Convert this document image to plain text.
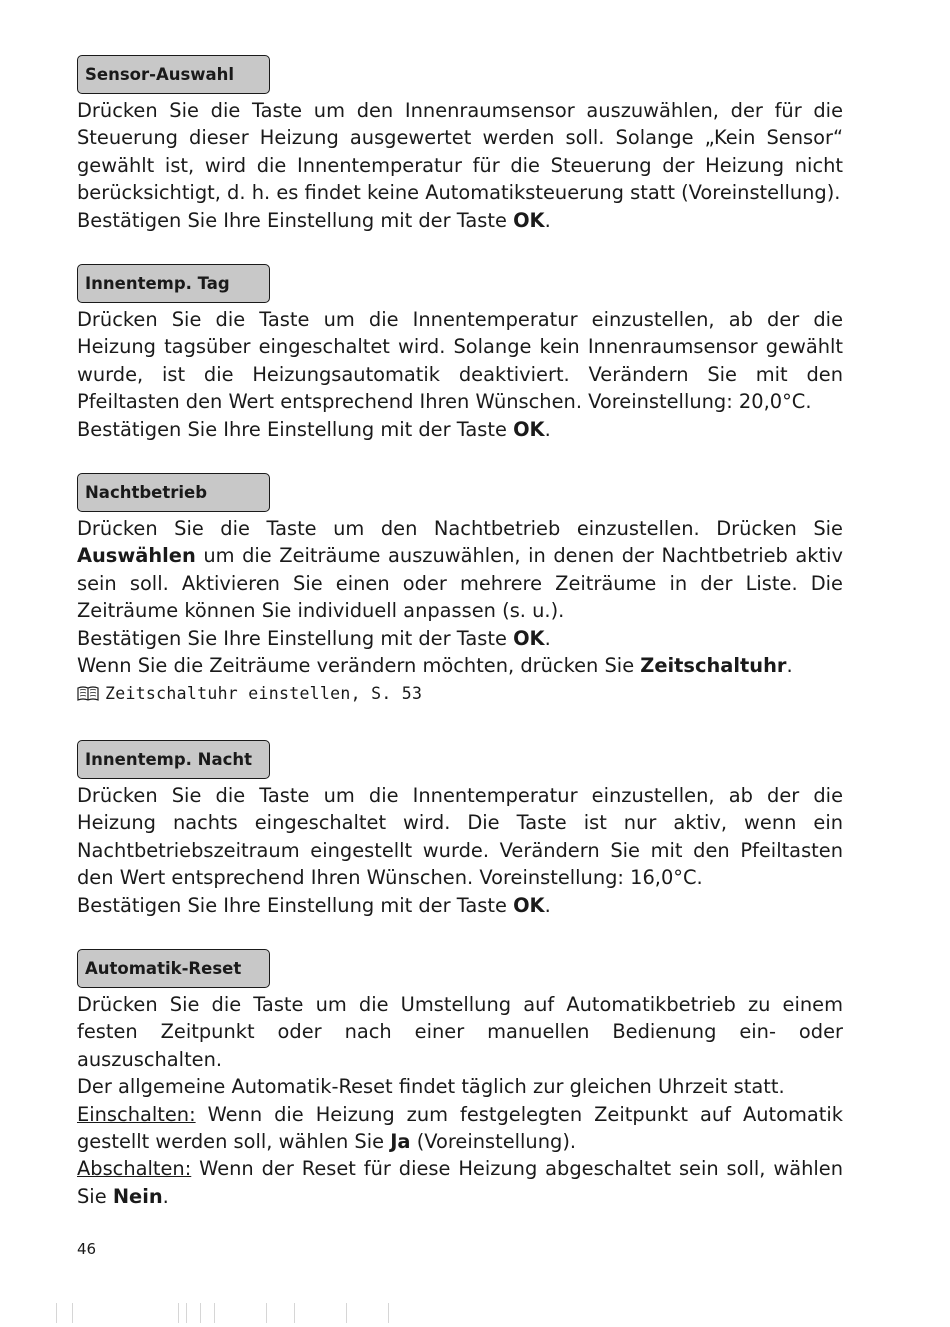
Sensor-Auswahl

Drücken Sie die Taste um den Innenraumsensor auszuwählen, der für die Steuerung dieser Heizung ausgewertet werden soll. Solange „Kein Sensor“ gewählt ist, wird die Innentemperatur für die Steuerung der Heizung nicht berücksichtigt, d. h. es findet keine Automatiksteuerung statt (Voreinstellung).

Bestätigen Sie Ihre Einstellung mit der Taste OK.

Innentemp. Tag

Drücken Sie die Taste um die Innentemperatur einzustellen, ab der die Heizung tagsüber eingeschaltet wird. Solange kein Innenraumsensor gewählt wurde, ist die Heizungsautomatik deaktiviert. Verändern Sie mit den Pfeiltasten den Wert entsprechend Ihren Wünschen. Voreinstellung: 20,0°C.

Bestätigen Sie Ihre Einstellung mit der Taste OK.

Nachtbetrieb

Drücken Sie die Taste um den Nachtbetrieb einzustellen. Drücken Sie Auswählen um die Zeiträume auszuwählen, in denen der Nachtbetrieb aktiv sein soll. Aktivieren Sie einen oder mehrere Zeiträume in der Liste. Die Zeiträume können Sie individuell anpassen (s. u.).

Bestätigen Sie Ihre Einstellung mit der Taste OK.

Wenn Sie die Zeiträume verändern möchten, drücken Sie Zeitschaltuhr.

Zeitschaltuhr einstellen, S. 53
Innentemp. Nacht

Drücken Sie die Taste um die Innentemperatur einzustellen, ab der die Heizung nachts eingeschaltet wird. Die Taste ist nur aktiv, wenn ein Nachtbetriebszeitraum eingestellt wurde. Verändern Sie mit den Pfeiltasten den Wert entsprechend Ihren Wünschen. Voreinstellung: 16,0°C.

Bestätigen Sie Ihre Einstellung mit der Taste OK.

Automatik-Reset

Drücken Sie die Taste um die Umstellung auf Automatikbetrieb zu einem festen Zeitpunkt oder nach einer manuellen Bedienung ein- oder auszuschalten.

Der allgemeine Automatik-Reset findet täglich zur gleichen Uhrzeit statt.

Einschalten: Wenn die Heizung zum festgelegten Zeitpunkt auf Automatik gestellt werden soll, wählen Sie Ja (Voreinstellung).

Abschalten: Wenn der Reset für diese Heizung abgeschaltet sein soll, wählen Sie Nein.

46
